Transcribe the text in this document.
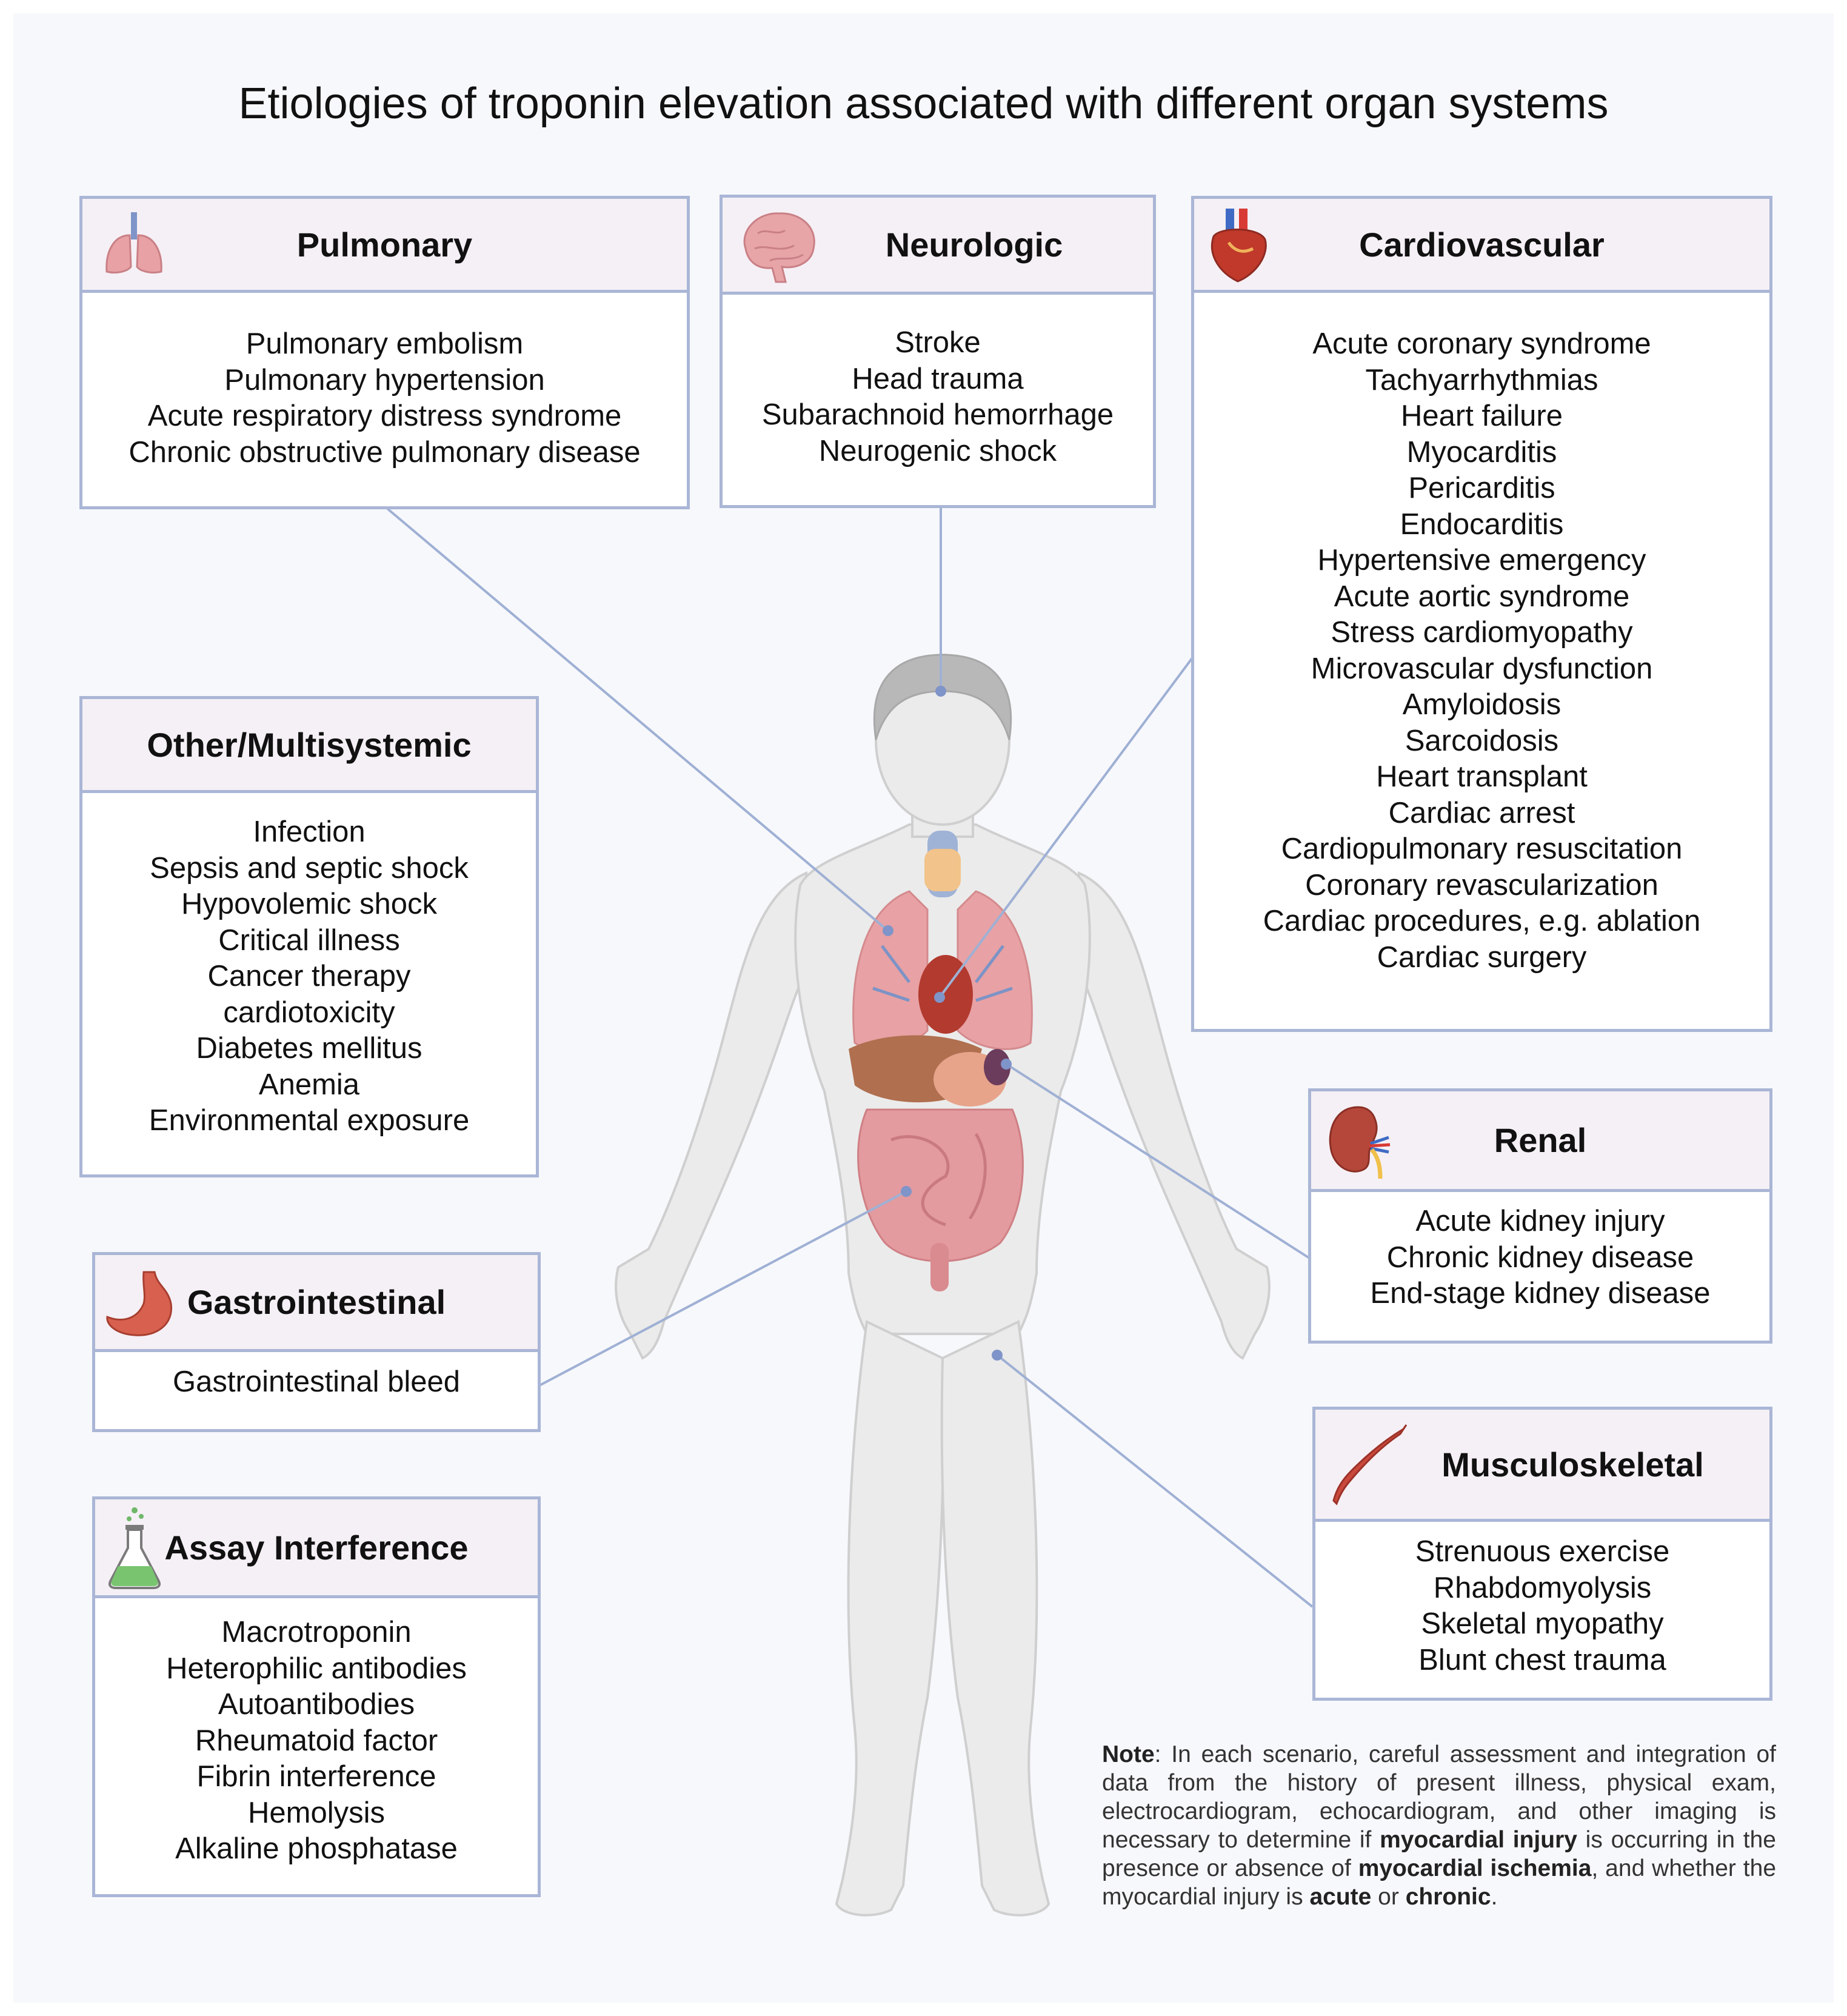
Etiologies of troponin elevation associated with different organ systems
Pulmonary
Pulmonary embolism
Pulmonary hypertension
Acute respiratory distress syndrome
Chronic obstructive pulmonary disease
Neurologic
Stroke
Head trauma
Subarachnoid hemorrhage
Neurogenic shock
Cardiovascular
Acute coronary syndrome
Tachyarrhythmias
Heart failure
Myocarditis
Pericarditis
Endocarditis
Hypertensive emergency
Acute aortic syndrome
Stress cardiomyopathy
Microvascular dysfunction
Amyloidosis
Sarcoidosis
Heart transplant
Cardiac arrest
Cardiopulmonary resuscitation
Coronary revascularization
Cardiac procedures, e.g. ablation
Cardiac surgery
Other/Multisystemic
Infection
Sepsis and septic shock
Hypovolemic shock
Critical illness
Cancer therapy
cardiotoxicity
Diabetes mellitus
Anemia
Environmental exposure
Renal
Acute kidney injury
Chronic kidney disease
End-stage kidney disease
Gastrointestinal
Gastrointestinal bleed
Musculoskeletal
Strenuous exercise
Rhabdomyolysis
Skeletal myopathy
Blunt chest trauma
Assay Interference
Macrotroponin
Heterophilic antibodies
Autoantibodies
Rheumatoid factor
Fibrin interference
Hemolysis
Alkaline phosphatase
Note: In each scenario, careful assessment and integration of data from the history of present illness, physical exam, electrocardiogram, echocardiogram, and other imaging is necessary to determine if myocardial injury is occurring in the presence or absence of myocardial ischemia, and whether the myocardial injury is acute or chronic.
